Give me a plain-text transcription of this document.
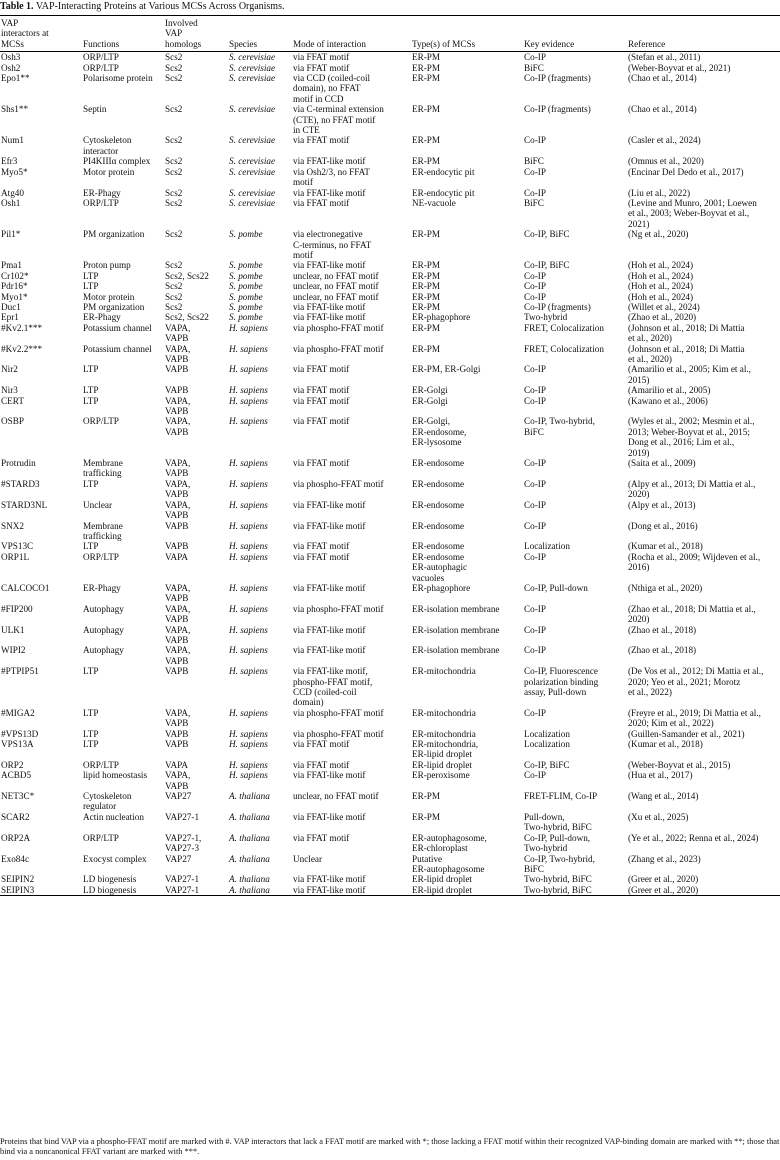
Table 1. VAP-Interacting Proteins at Various MCSs Across Organisms.
VAP
interactors at
MCSs	Functions	Involved
VAP
homologs	Species	Mode of interaction	Type(s) of MCSs	Key evidence	Reference
Osh3	ORP/LTP	Scs2	S. cerevisiae	via FFAT motif	ER-PM	Co-IP	(Stefan et al., 2011)
Osh2	ORP/LTP	Scs2	S. cerevisiae	via FFAT motif	ER-PM	BiFC	(Weber-Boyvat et al., 2021)
Epo1**	Polarisome protein	Scs2	S. cerevisiae	via CCD (coiled-coil
domain), no FFAT
motif in CCD	ER-PM	Co-IP (fragments)	(Chao et al., 2014)
Shs1**	Septin	Scs2	S. cerevisiae	via C-terminal extension
(CTE), no FFAT motif
in CTE	ER-PM	Co-IP (fragments)	(Chao et al., 2014)
Num1	Cytoskeleton
interactor	Scs2	S. cerevisiae	via FFAT motif	ER-PM	Co-IP	(Casler et al., 2024)
Efr3	PI4KIIIα complex	Scs2	S. cerevisiae	via FFAT-like motif	ER-PM	BiFC	(Omnus et al., 2020)
Myo5*	Motor protein	Scs2	S. cerevisiae	via Osh2/3, no FFAT
motif	ER-endocytic pit	Co-IP	(Encinar Del Dedo et al., 2017)
Atg40	ER-Phagy	Scs2	S. cerevisiae	via FFAT-like motif	ER-endocytic pit	Co-IP	(Liu et al., 2022)
Osh1	ORP/LTP	Scs2	S. cerevisiae	via FFAT motif	NE-vacuole	BiFC	(Levine and Munro, 2001; Loewen
et al., 2003; Weber-Boyvat et al.,
2021)
Pil1*	PM organization	Scs2	S. pombe	via electronegative
C-terminus, no FFAT
motif	ER-PM	Co-IP, BiFC	(Ng et al., 2020)
Pma1	Proton pump	Scs2	S. pombe	via FFAT-like motif	ER-PM	Co-IP, BiFC	(Hoh et al., 2024)
Cr102*	LTP	Scs2, Scs22	S. pombe	unclear, no FFAT motif	ER-PM	Co-IP	(Hoh et al., 2024)
Pdr16*	LTP	Scs2	S. pombe	unclear, no FFAT motif	ER-PM	Co-IP	(Hoh et al., 2024)
Myo1*	Motor protein	Scs2	S. pombe	unclear, no FFAT motif	ER-PM	Co-IP	(Hoh et al., 2024)
Duc1	PM organization	Scs2	S. pombe	via FFAT-like motif	ER-PM	Co-IP (fragments)	(Willet et al., 2024)
Epr1	ER-Phagy	Scs2, Scs22	S. pombe	via FFAT-like motif	ER-phagophore	Two-hybrid	(Zhao et al., 2020)
#Kv2.1***	Potassium channel	VAPA,
VAPB	H. sapiens	via phospho-FFAT motif	ER-PM	FRET, Colocalization	(Johnson et al., 2018; Di Mattia
et al., 2020)
#Kv2.2***	Potassium channel	VAPA,
VAPB	H. sapiens	via phospho-FFAT motif	ER-PM	FRET, Colocalization	(Johnson et al., 2018; Di Mattia
et al., 2020)
Nir2	LTP	VAPB	H. sapiens	via FFAT motif	ER-PM, ER-Golgi	Co-IP	(Amarilio et al., 2005; Kim et al.,
2015)
Nir3	LTP	VAPB	H. sapiens	via FFAT motif	ER-Golgi	Co-IP	(Amarilio et al., 2005)
CERT	LTP	VAPA,
VAPB	H. sapiens	via FFAT motif	ER-Golgi	Co-IP	(Kawano et al., 2006)
OSBP	ORP/LTP	VAPA,
VAPB	H. sapiens	via FFAT motif	ER-Golgi,
ER-endosome,
ER-lysosome	Co-IP, Two-hybrid,
BiFC	(Wyles et al., 2002; Mesmin et al.,
2013; Weber-Boyvat et al., 2015;
Dong et al., 2016; Lim et al.,
2019)
Protrudin	Membrane
trafficking	VAPA,
VAPB	H. sapiens	via FFAT motif	ER-endosome	Co-IP	(Saita et al., 2009)
#STARD3	LTP	VAPA,
VAPB	H. sapiens	via phospho-FFAT motif	ER-endosome	Co-IP	(Alpy et al., 2013; Di Mattia et al.,
2020)
STARD3NL	Unclear	VAPA,
VAPB	H. sapiens	via FFAT-like motif	ER-endosome	Co-IP	(Alpy et al., 2013)
SNX2	Membrane
trafficking	VAPB	H. sapiens	via FFAT-like motif	ER-endosome	Co-IP	(Dong et al., 2016)
VPS13C	LTP	VAPB	H. sapiens	via FFAT motif	ER-endosome	Localization	(Kumar et al., 2018)
ORP1L	ORP/LTP	VAPA	H. sapiens	via FFAT motif	ER-endosome
ER-autophagic
vacuoles	Co-IP	(Rocha et al., 2009; Wijdeven et al.,
2016)
CALCOCO1	ER-Phagy	VAPA,
VAPB	H. sapiens	via FFAT-like motif	ER-phagophore	Co-IP, Pull-down	(Nthiga et al., 2020)
#FIP200	Autophagy	VAPA,
VAPB	H. sapiens	via phospho-FFAT motif	ER-isolation membrane	Co-IP	(Zhao et al., 2018; Di Mattia et al.,
2020)
ULK1	Autophagy	VAPA,
VAPB	H. sapiens	via FFAT-like motif	ER-isolation membrane	Co-IP	(Zhao et al., 2018)
WIPI2	Autophagy	VAPA,
VAPB	H. sapiens	via FFAT-like motif	ER-isolation membrane	Co-IP	(Zhao et al., 2018)
#PTPIP51	LTP	VAPB	H. sapiens	via FFAT-like motif,
phospho-FFAT motif,
CCD (coiled-coil
domain)	ER-mitochondria	Co-IP, Fluorescence
polarization binding
assay, Pull-down	(De Vos et al., 2012; Di Mattia et al.,
2020; Yeo et al., 2021; Morotz
et al., 2022)
#MIGA2	LTP	VAPA,
VAPB	H. sapiens	via phospho-FFAT motif	ER-mitochondria	Co-IP	(Freyre et al., 2019; Di Mattia et al.,
2020; Kim et al., 2022)
#VPS13D	LTP	VAPB	H. sapiens	via phospho-FFAT motif	ER-mitochondria	Localization	(Guillen-Samander et al., 2021)
VPS13A	LTP	VAPB	H. sapiens	via FFAT motif	ER-mitochondria,
ER-lipid droplet	Localization	(Kumar et al., 2018)
ORP2	ORP/LTP	VAPA	H. sapiens	via FFAT motif	ER-lipid droplet	Co-IP, BiFC	(Weber-Boyvat et al., 2015)
ACBD5	lipid homeostasis	VAPA,
VAPB	H. sapiens	via FFAT-like motif	ER-peroxisome	Co-IP	(Hua et al., 2017)
NET3C*	Cytoskeleton
regulator	VAP27	A. thaliana	unclear, no FFAT motif	ER-PM	FRET-FLIM, Co-IP	(Wang et al., 2014)
SCAR2	Actin nucleation	VAP27-1	A. thaliana	via FFAT-like motif	ER-PM	Pull-down,
Two-hybrid, BiFC	(Xu et al., 2025)
ORP2A	ORP/LTP	VAP27-1,
VAP27-3	A. thaliana	via FFAT motif	ER-autophagosome,
ER-chloroplast	Co-IP, Pull-down,
Two-hybrid	(Ye et al., 2022; Renna et al., 2024)
Exo84c	Exocyst complex	VAP27	A. thaliana	Unclear	Putative
ER-autophagosome	Co-IP, Two-hybrid,
BiFC	(Zhang et al., 2023)
SEIPIN2	LD biogenesis	VAP27-1	A. thaliana	via FFAT-like motif	ER-lipid droplet	Two-hybrid, BiFC	(Greer et al., 2020)
SEIPIN3	LD biogenesis	VAP27-1	A. thaliana	via FFAT-like motif	ER-lipid droplet	Two-hybrid, BiFC	(Greer et al., 2020)
Proteins that bind VAP via a phospho-FFAT motif are marked with #. VAP interactors that lack a FFAT motif are marked with *; those lacking a FFAT motif within their recognized VAP-binding domain are marked with **; those that bind via a noncanonical FFAT variant are marked with ***.
